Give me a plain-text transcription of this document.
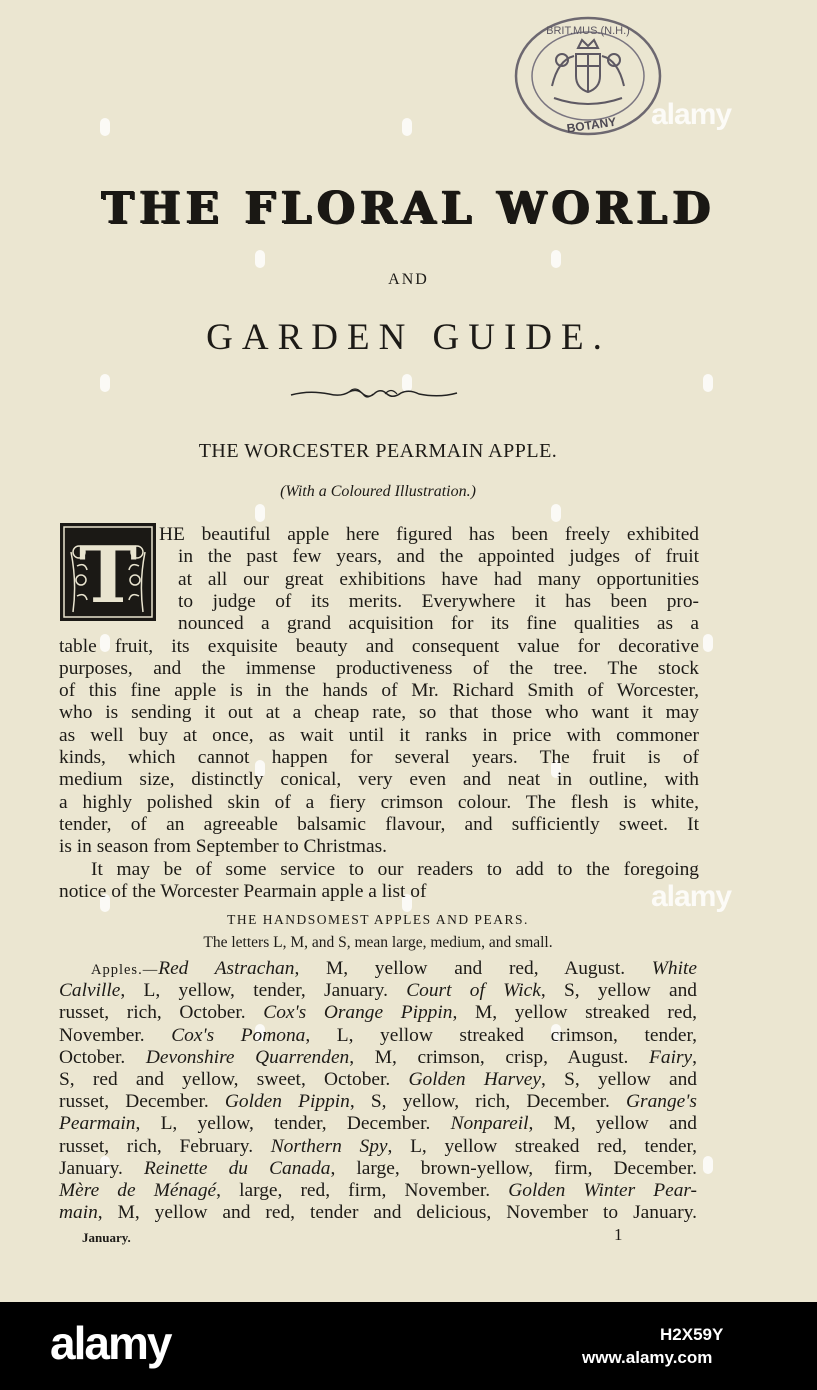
BRIT.MUS.(N.H.)
BOTANY alamy
alamy
THE FLORAL WORLD
AND
GARDEN GUIDE.
THE WORCESTER PEARMAIN APPLE.
(With a Coloured Illustration.)
T HE beautiful apple here figured has been freely exhibited
in the past few years, and the appointed judges of fruit
at all our great exhibitions have had many opportunities
to judge of its merits. Everywhere it has been pro-
nounced a grand acquisition for its fine qualities as a
table fruit, its exquisite beauty and consequent value for decorative
purposes, and the immense productiveness of the tree. The stock
of this fine apple is in the hands of Mr. Richard Smith of Worcester,
who is sending it out at a cheap rate, so that those who want it may
as well buy at once, as wait until it ranks in price with commoner
kinds, which cannot happen for several years. The fruit is of
medium size, distinctly conical, very even and neat in outline, with
a highly polished skin of a fiery crimson colour. The flesh is white,
tender, of an agreeable balsamic flavour, and sufficiently sweet. It
is in season from September to Christmas.
It may be of some service to our readers to add to the foregoing
notice of the Worcester Pearmain apple a list of
THE HANDSOMEST APPLES AND PEARS.
The letters L, M, and S, mean large, medium, and small.
Apples.—Red Astrachan, M, yellow and red, August. White
Calville, L, yellow, tender, January. Court of Wick, S, yellow and
russet, rich, October. Cox's Orange Pippin, M, yellow streaked red,
November. Cox's Pomona, L, yellow streaked crimson, tender,
October. Devonshire Quarrenden, M, crimson, crisp, August. Fairy,
S, red and yellow, sweet, October. Golden Harvey, S, yellow and
russet, December. Golden Pippin, S, yellow, rich, December. Grange's
Pearmain, L, yellow, tender, December. Nonpareil, M, yellow and
russet, rich, February. Northern Spy, L, yellow streaked red, tender,
January. Reinette du Canada, large, brown-yellow, firm, December.
Mère de Ménagé, large, red, firm, November. Golden Winter Pear-
main, M, yellow and red, tender and delicious, November to January.
January.	1
alamy	H2X59Y
www.alamy.com
